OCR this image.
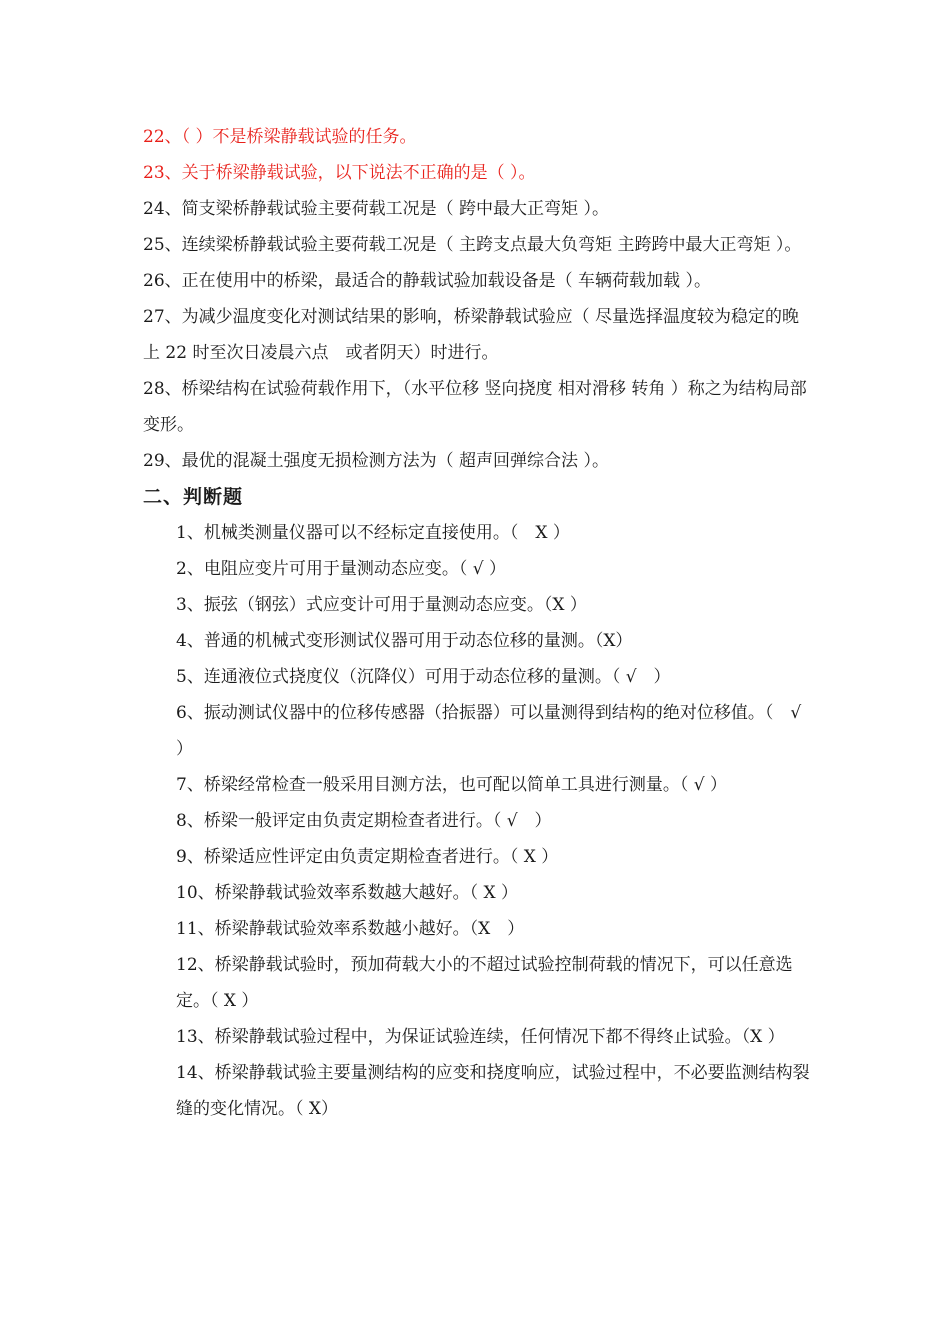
22、（ ）不是桥梁静载试验的任务。

23、关于桥梁静载试验，以下说法不正确的是（ ）。

24、简支梁桥静载试验主要荷载工况是（ 跨中最大正弯矩 ）。

25、连续梁桥静载试验主要荷载工况是（ 主跨支点最大负弯矩 主跨跨中最大正弯矩 ）。

26、正在使用中的桥梁，最适合的静载试验加载设备是（ 车辆荷载加载 ）。

27、为减少温度变化对测试结果的影响，桥梁静载试验应（ 尽量选择温度较为稳定的晚上 22 时至次日凌晨六点　或者阴天）时进行。

28、桥梁结构在试验荷载作用下，（水平位移 竖向挠度 相对滑移 转角 ）称之为结构局部变形。

29、最优的混凝土强度无损检测方法为（ 超声回弹综合法 ）。

二、判断题

1、机械类测量仪器可以不经标定直接使用。（　X ）

2、电阻应变片可用于量测动态应变。（ √ ）

3、振弦（钢弦）式应变计可用于量测动态应变。（X ）

4、普通的机械式变形测试仪器可用于动态位移的量测。（X）

5、连通液位式挠度仪（沉降仪）可用于动态位移的量测。（ √　）

6、振动测试仪器中的位移传感器（拾振器）可以量测得到结构的绝对位移值。（　√ ）

7、桥梁经常检查一般采用目测方法，也可配以简单工具进行测量。（ √ ）

8、桥梁一般评定由负责定期检查者进行。（ √　）

9、桥梁适应性评定由负责定期检查者进行。（ X ）

10、桥梁静载试验效率系数越大越好。（ X ）

11、桥梁静载试验效率系数越小越好。（X　）

12、桥梁静载试验时，预加荷载大小的不超过试验控制荷载的情况下，可以任意选定。（ X ）

13、桥梁静载试验过程中，为保证试验连续，任何情况下都不得终止试验。（X ）

14、桥梁静载试验主要量测结构的应变和挠度响应，试验过程中，不必要监测结构裂缝的变化情况。（ X）
